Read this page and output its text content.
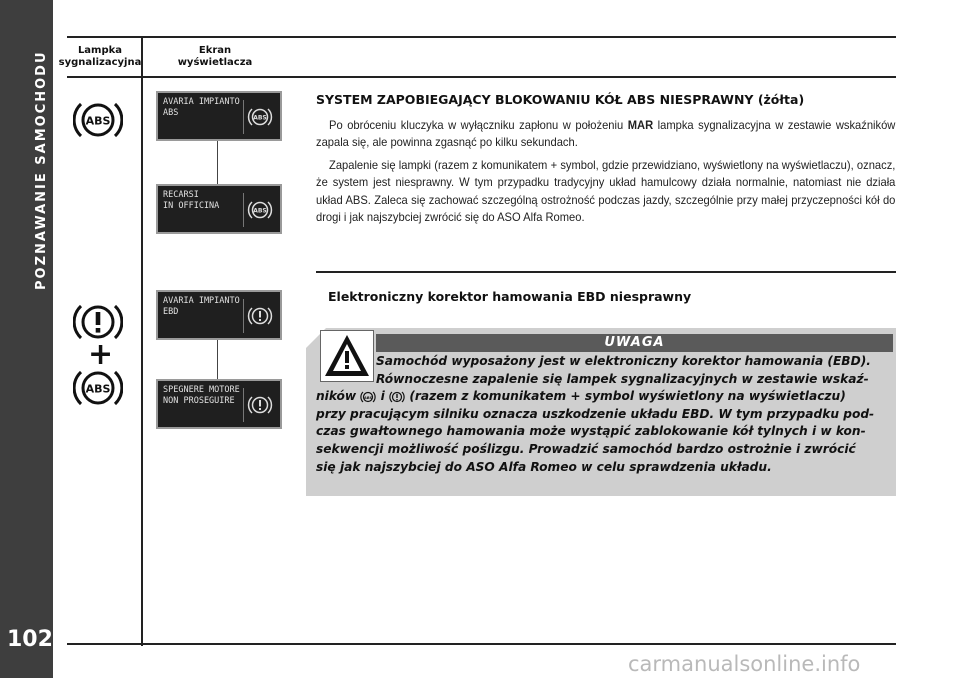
POZNAWANIE SAMOCHODU
102
Lampka sygnalizacyjna
Ekran wyświetlacza
ABS
+
ABS
AVARIA IMPIANTO
ABS	ABS
RECARSI
IN OFFICINA	ABS
AVARIA IMPIANTO
EBD
SPEGNERE MOTORE
NON PROSEGUIRE
SYSTEM ZAPOBIEGAJĄCY BLOKOWANIU KÓŁ ABS NIESPRAWNY (żółta)

Po obróceniu kluczyka w wyłączniku zapłonu w położeniu MAR lampka sygnalizacyjna w zestawie wskaźników zapala się, ale powinna zgasnąć po kilku sekundach.

Zapalenie się lampki (razem z komunikatem + symbol, gdzie przewidziano, wyświetlony na wyświetlaczu), oznacz, że system jest niesprawny. W tym przypadku tradycyjny układ hamulcowy działa normalnie, natomiast nie działa układ ABS. Zaleca się zachować szczególną ostrożność podczas jazdy, szczególnie przy małej przyczepności kół do drogi i jak najszybciej zwrócić się do ASO Alfa Romeo.

Elektroniczny korektor hamowania EBD niesprawny
UWAGA
Samochód wyposażony jest w elektroniczny korektor hamowania (EBD).
Równoczesne zapalenie się lampek sygnalizacyjnych w zestawie wskaź-
ników ABS i  (razem z komunikatem + symbol wyświetlony na wyświetlaczu)
przy pracującym silniku oznacza uszkodzenie układu EBD. W tym przypadku pod-
czas gwałtownego hamowania może wystąpić zablokowanie kół tylnych i w kon-
sekwencji możliwość poślizgu. Prowadzić samochód bardzo ostrożnie i zwrócić
się jak najszybciej do ASO Alfa Romeo w celu sprawdzenia układu.
carmanualsonline.info
